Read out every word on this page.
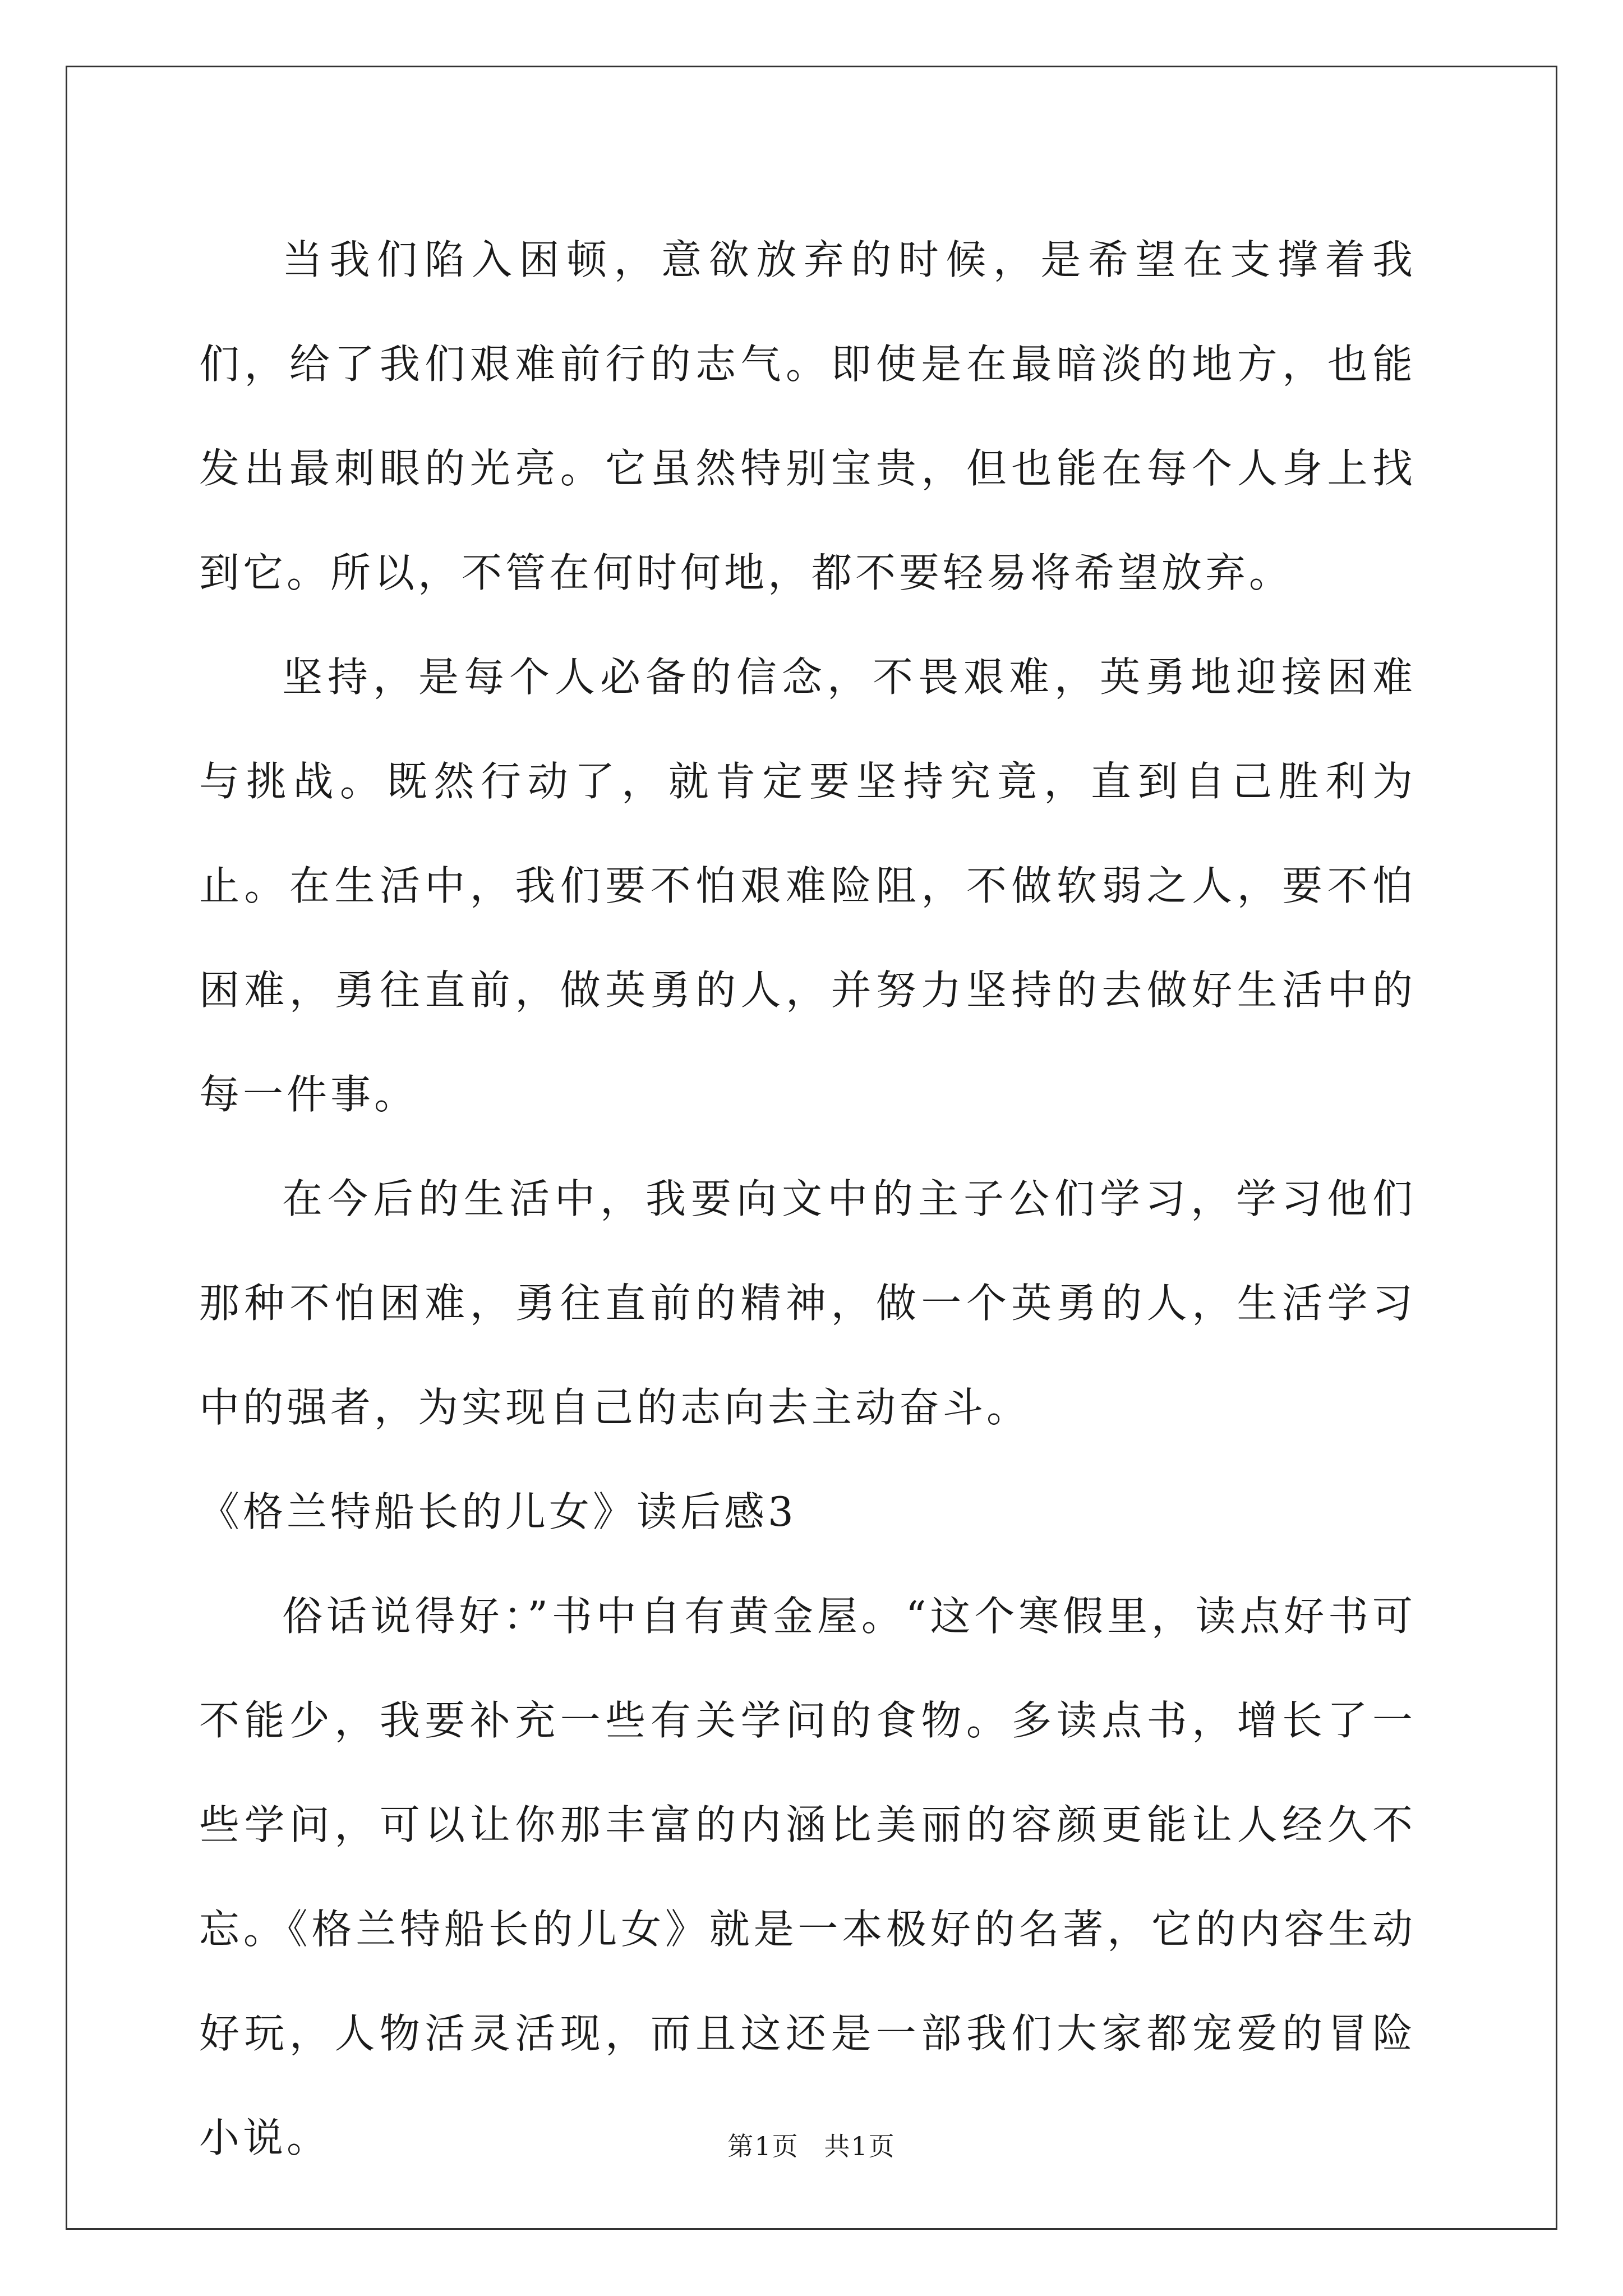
当我们陷入困顿，意欲放弃的时候，是希望在支撑着我们，给了我们艰难前行的志气。即使是在最暗淡的地方，也能发出最刺眼的光亮。它虽然特别宝贵，但也能在每个人身上找到它。所以，不管在何时何地，都不要轻易将希望放弃。

坚持，是每个人必备的信念，不畏艰难，英勇地迎接困难与挑战。既然行动了，就肯定要坚持究竟，直到自己胜利为止。在生活中，我们要不怕艰难险阻，不做软弱之人，要不怕困难，勇往直前，做英勇的人，并努力坚持的去做好生活中的每一件事。

在今后的生活中，我要向文中的主子公们学习，学习他们那种不怕困难，勇往直前的精神，做一个英勇的人，生活学习中的强者，为实现自己的志向去主动奋斗。

《格兰特船长的儿女》读后感3

俗话说得好：”书中自有黄金屋。“这个寒假里，读点好书可不能少，我要补充一些有关学问的食物。多读点书，增长了一些学问，可以让你那丰富的内涵比美丽的容颜更能让人经久不忘。《格兰特船长的儿女》就是一本极好的名著，它的内容生动好玩，人物活灵活现，而且这还是一部我们大家都宠爱的冒险小说。	第1页 共1页
